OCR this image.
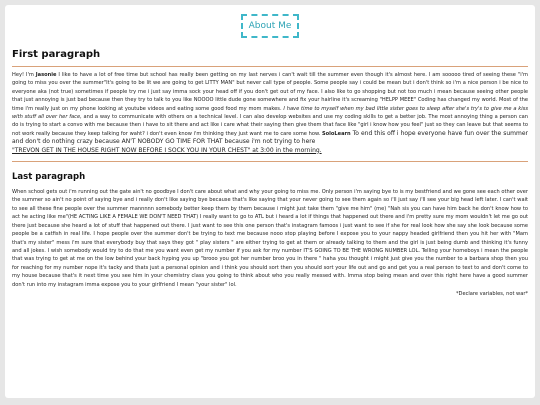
About Me
First paragraph

Hey! I'm Jasonie I like to have a lot of free time but school has really been getting on my last nerves i can't wait till the summer even though it's almost here. I am sooooo tired of seeing these "i'm going to miss you over the summer"It's going to be lit we are going to get LITTY MAN" but never call type of people. Some people say i could be mean but i don't think so i'm a nice person i be nice to everyone aka (not true) sometimes if people try me i just say imma sock your head off if you don't get out of my face. I also like to go shopping but not too much i mean because seeing other people that just annoying is just bad because then they try to talk to you like NOOOO little dude gone somewhere and fix your hairline it's screaming "HELPP MEEE" Coding has changed my world. Most of the time i'm really just on my phone looking at youtube videos and eating some good food my mom makes. I have time to myself when my bad little sister goes to sleep after she's try's to give me a kiss with stuff all over her face, and a way to communicate with others on a technical level. I can also develop websites and use my coding skills to get a better job. The most annoying thing a person can do is trying to start a convo with me because then i have to sit there and act like i care what their saying then give them that face like "girl i know how you feel" just so they can leave but that seems to not work really because they keep talking for waht? i don't even know i'm thinking they just want me to care some how. SoloLearn To end this off i hope everyone have fun over the summer and don't do nothing crazy because AN'T NOBODY GO TIME FOR THAT because i'm not trying to here
"TREVON GET IN THE HOUSE RIGHT NOW BEFORE I SOCK YOU IN YOUR CHEST" at 3:00 in the morning.

Last paragraph

When school gets out i'm running out the gate ain't no goodbye I don't care about what and why your going to miss me. Only person i'm saying bye to is my bestfriend and we gone see each other over the summer so ain't no point of saying bye and i really don't like saying bye because that's like saying that your never going to see them again so i'll just say i'll see your big head left later. I can't wait to see all these fine people over the summer mannnnn somebody better keep them by them because i might just take them "give me him" (me) "Nah sis you can have him back he don't know how to act he acting like me"(HE ACTING LIKE A FEMALE WE DON'T NEED THAT) I really want to go to ATL but i heard a lot if things that happened out there and i'm pretty sure my mom wouldn't let me go out there just because she heard a lot of stuff that happened out there. I just want to see this one person that's instagram famoos i just want to see if she for real look how she say she look because some people be a catfish in real life. I hope people over the summer don't be trying to text me because nooo stop playing before I expose you to your nappy headed girlfriend then you hit her with "Mam that's my sister" mess i'm sure that everybody buy that says they got " play sisters " are either trying to get at them or already talking to them and the girl is just being dumb and thinking it's funny and all jokes. I wish somebody would try to do that me you want even get my number if you ask for my number IT'S GOING TO BE THE WRONG NUMBER LOL. Telling your homeboys i mean the people that was trying to get at me on the low behind your back hyping you up "brooo you got her number broo you in there " haha you thought i might just give you the number to a barbara shop then you for reaching for my number nope it's tacky and thats just a personal opinion and i think you should sort then you should sort your life out and go and get you a real person to text to and don't come to my house because that's it next time you see him in your chemistry class you going to think about who you really messed with. Imma stop being mean and over this right here have a good summer don't run into my instagram imma expose you to your girlfriend I mean "your sister" lol.

*Declare variables, not war*
